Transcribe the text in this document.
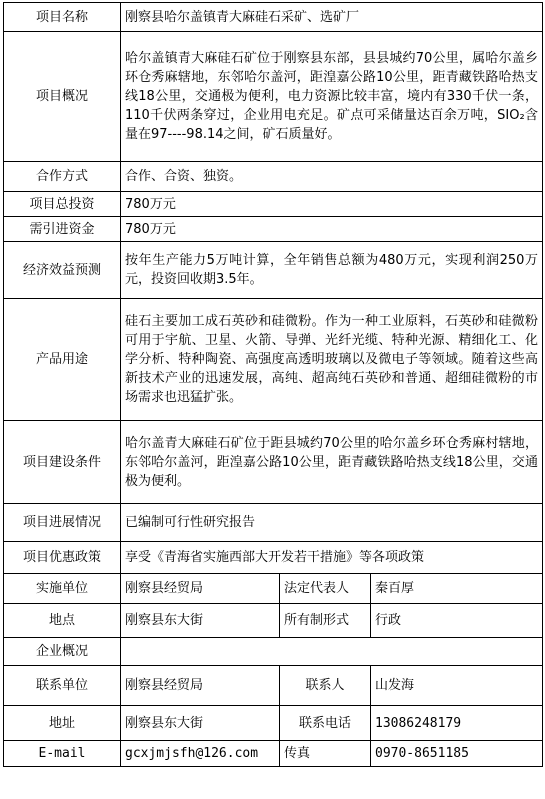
项目名称	刚察县哈尔盖镇青大麻硅石采矿、选矿厂		
项目概况	哈尔盖镇青大麻硅石矿位于刚察县东部，县县城约70公里，属哈尔盖乡环仓秀麻辖地，东邻哈尔盖河，距湟嘉公路10公里，距青藏铁路哈热支线18公里，交通极为便利，电力资源比较丰富，境内有330千伏一条，110千伏两条穿过，企业用电充足。矿点可采储量达百余万吨，SIO₂含量在97----98.14之间，矿石质量好。		
合作方式	合作、合资、独资。		
项目总投资	780万元		
需引进资金	780万元		
经济效益预测	按年生产能力5万吨计算，全年销售总额为480万元，实现利润250万元，投资回收期3.5年。		
产品用途	硅石主要加工成石英砂和硅微粉。作为一种工业原料，石英砂和硅微粉可用于宇航、卫星、火箭、导弹、光纤光缆、特种光源、精细化工、化学分析、特种陶瓷、高强度高透明玻璃以及微电子等领域。随着这些高新技术产业的迅速发展，高纯、超高纯石英砂和普通、超细硅微粉的市场需求也迅猛扩张。		
项目建设条件	哈尔盖青大麻硅石矿位于距县城约70公里的哈尔盖乡环仓秀麻村辖地，东邻哈尔盖河，距湟嘉公路10公里，距青藏铁路哈热支线18公里，交通极为便利。		
项目进展情况	已编制可行性研究报告		
项目优惠政策	享受《青海省实施西部大开发若干措施》等各项政策		
实施单位	刚察县经贸局	法定代表人	秦百厚
地点	刚察县东大街	所有制形式	行政
企业概况			
联系单位	刚察县经贸局	联系人	山发海
地址	刚察县东大街	联系电话	13086248179
E-mail	gcxjmjsfh@126.com	传真	0970-8651185
